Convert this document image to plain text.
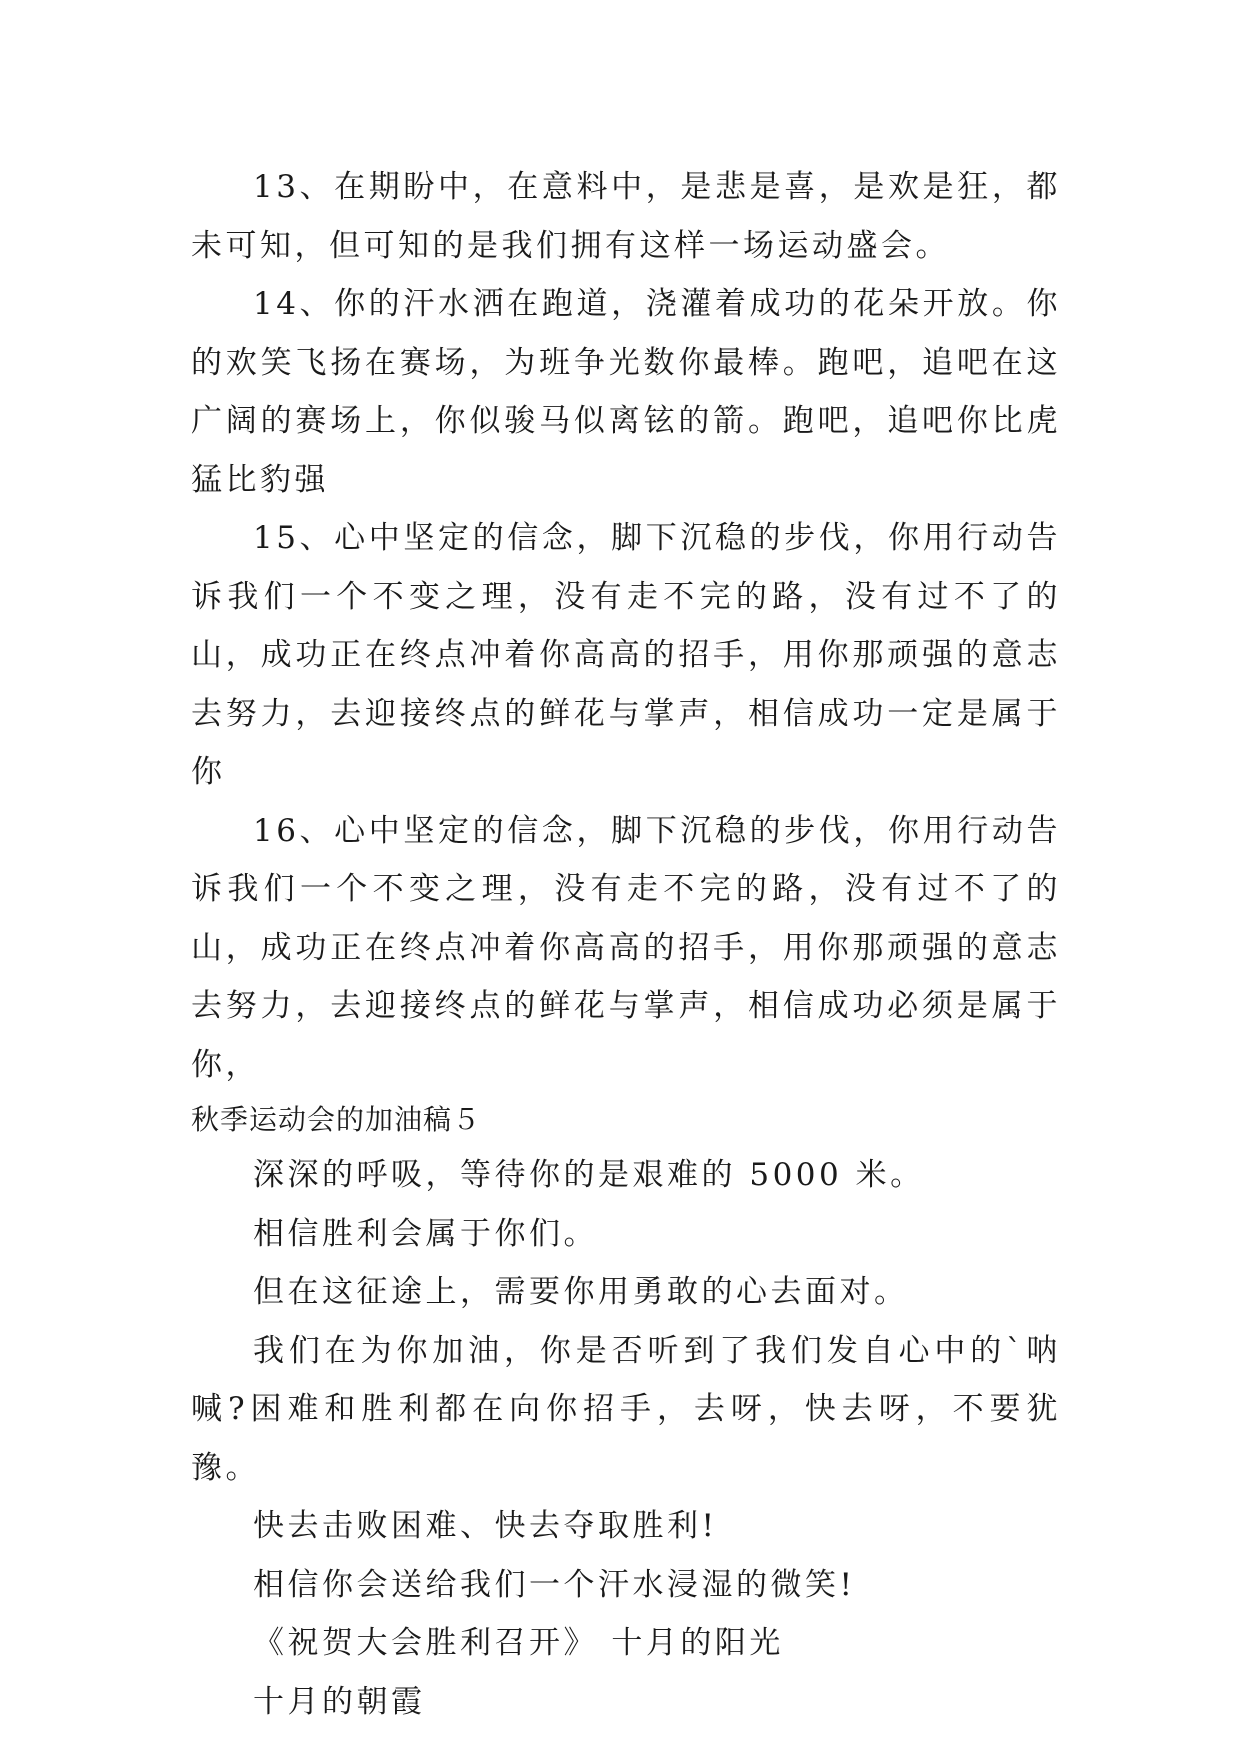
13、在期盼中，在意料中，是悲是喜，是欢是狂，都未可知，但可知的是我们拥有这样一场运动盛会。

14、你的汗水洒在跑道，浇灌着成功的花朵开放。你的欢笑飞扬在赛场，为班争光数你最棒。跑吧，追吧在这广阔的赛场上，你似骏马似离铉的箭。跑吧，追吧你比虎猛比豹强

15、心中坚定的信念，脚下沉稳的步伐，你用行动告诉我们一个不变之理，没有走不完的路，没有过不了的山，成功正在终点冲着你高高的招手，用你那顽强的意志去努力，去迎接终点的鲜花与掌声，相信成功一定是属于你

16、心中坚定的信念，脚下沉稳的步伐，你用行动告诉我们一个不变之理，没有走不完的路，没有过不了的山，成功正在终点冲着你高高的招手，用你那顽强的意志去努力，去迎接终点的鲜花与掌声，相信成功必须是属于你，

秋季运动会的加油稿５

深深的呼吸，等待你的是艰难的 5000 米。

相信胜利会属于你们。

但在这征途上，需要你用勇敢的心去面对。

我们在为你加油，你是否听到了我们发自心中的`呐喊?困难和胜利都在向你招手，去呀，快去呀，不要犹豫。

快去击败困难、快去夺取胜利!

相信你会送给我们一个汗水浸湿的微笑!

《祝贺大会胜利召开》 十月的阳光

十月的朝霞
